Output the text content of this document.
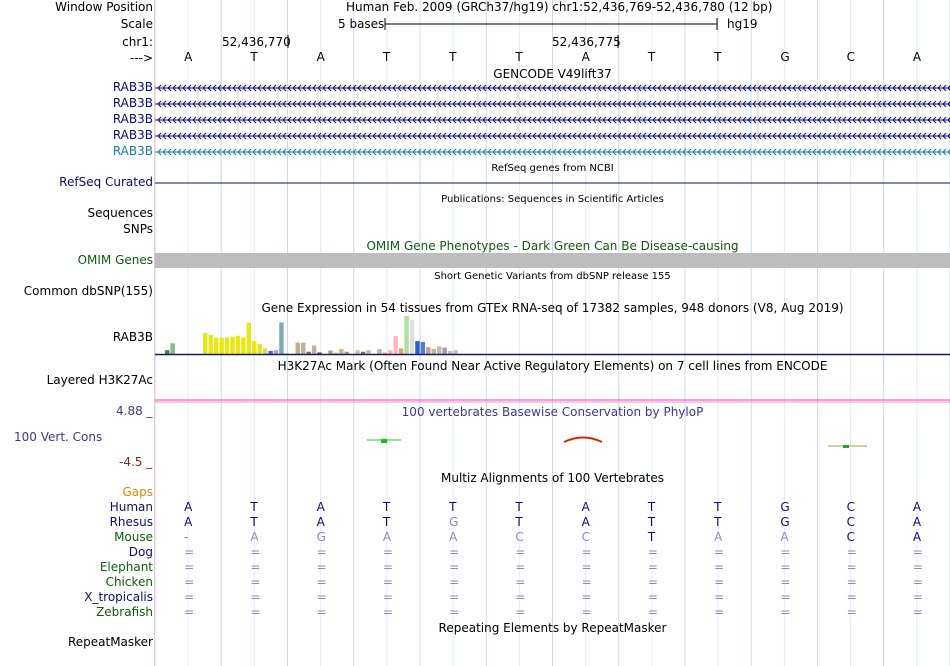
Window Position	Human Feb. 2009 (GRCh37/hg19) chr1:52,436,769-52,436,780 (12 bp)
Scale	5 bases	hg19
chr1:	52,436,770	52,436,775
--->	A	T	A	T	T	T	A	T	T	G	C	A
GENCODE V49lift37
RAB3B
RAB3B
RAB3B
RAB3B
RAB3B
RefSeq genes from NCBI
RefSeq Curated
Publications: Sequences in Scientific Articles
Sequences
SNPs
OMIM Gene Phenotypes - Dark Green Can Be Disease-causing
OMIM Genes
Short Genetic Variants from dbSNP release 155
Common dbSNP(155)
Gene Expression in 54 tissues from GTEx RNA-seq of 17382 samples, 948 donors (V8, Aug 2019)
RAB3B
H3K27Ac Mark (Often Found Near Active Regulatory Elements) on 7 cell lines from ENCODE
Layered H3K27Ac
100 vertebrates Basewise Conservation by PhyloP
4.88 _
100 Vert. Cons
-4.5 _
Multiz Alignments of 100 Vertebrates
Gaps
Human	A	T	A	T	T	T	A	T	T	G	C	A
Rhesus	A	T	A	T	G	T	A	T	T	G	C	A
Mouse	-	A	G	A	A	C	C	T	A	A	C	A
Dog	=	=	=	=	=	=	=	=	=	=	=	=
Elephant	=	=	=	=	=	=	=	=	=	=	=	=
Chicken	=	=	=	=	=	=	=	=	=	=	=	=
X_tropicalis	=	=	=	=	=	=	=	=	=	=	=	=
Zebrafish	=	=	=	=	=	=	=	=	=	=	=	=
Repeating Elements by RepeatMasker
RepeatMasker
